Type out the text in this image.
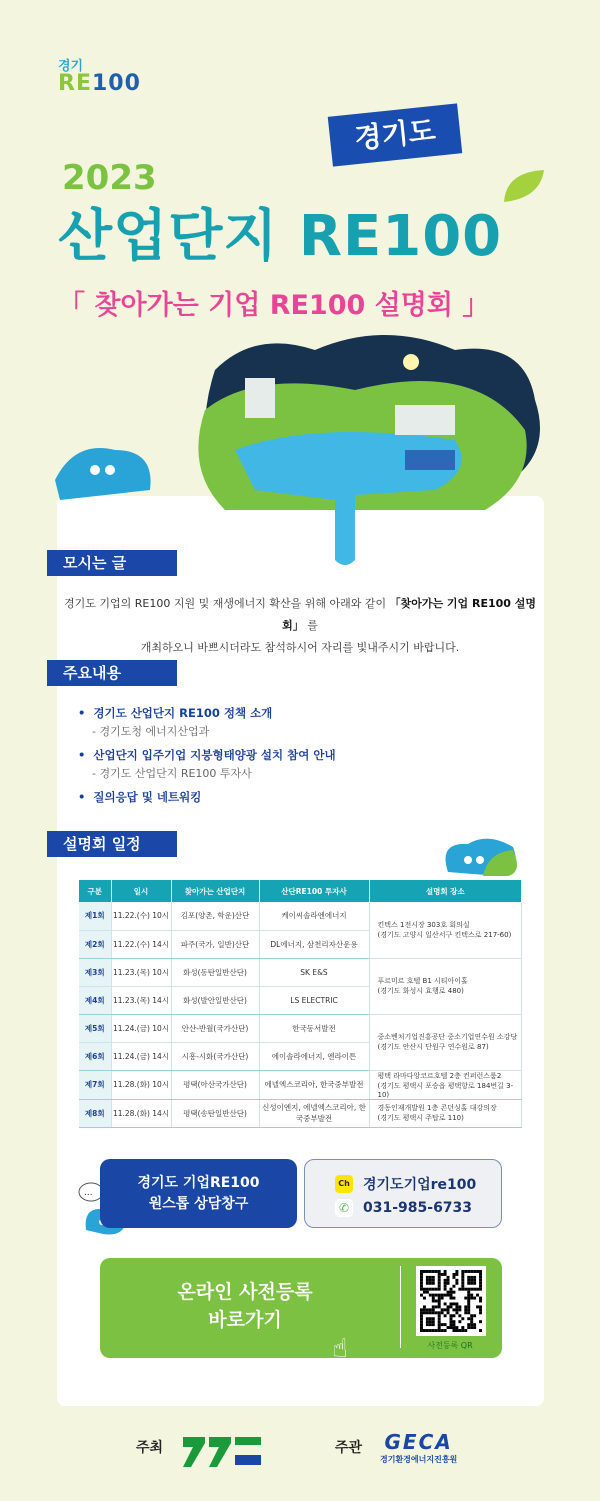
경기
RE100
경기도
2023
산업단지 RE100
「 찾아가는 기업 RE100 설명회 」
모시는 글
경기도 기업의 RE100 지원 및 재생에너지 확산을 위해 아래와 같이 「찾아가는 기업 RE100 설명회」 를
개최하오니 바쁘시더라도 참석하시어 자리를 빛내주시기 바랍니다.
주요내용
• 경기도 산업단지 RE100 정책 소개
- 경기도청 에너지산업과
• 산업단지 입주기업 지붕형태양광 설치 참여 안내
- 경기도 산업단지 RE100 투자사
• 질의응답 및 네트워킹
설명회 일정
구분	일시	찾아가는 산업단지	산단RE100 투자사	설명회 장소
제1회	11.22.(수) 10시	김포(양촌, 학운)산단	케이씨솔라엔에너지	킨텍스 1전시장 303호 회의실
(경기도 고양시 일산서구 킨텍스로 217-60)

제2회	11.22.(수) 14시	파주(국가, 일반)산단	DL에너지, 삼천리자산운용	
제3회	11.23.(목) 10시	화성(동탄일반산단)	SK E&S	푸르미르 호텔 B1 시티아이홀
(경기도 화성시 효행로 480)

제4회	11.23.(목) 14시	화성(발안일반산단)	LS ELECTRIC	
제5회	11.24.(금) 10시	안산-반월(국가산단)	한국동서발전	중소벤처기업진흥공단 중소기업연수원 소강당
(경기도 안산시 단원구 연수원로 87)

제6회	11.24.(금) 14시	시흥-시화(국가산단)	에이솔라에너지, 엔라이튼	
제7회	11.28.(화) 10시	평택(아산국가산단)	에넬엑스코리아, 한국중부발전	평택 라마다앙코르호텔 2층 컨퍼런스룸2
(경기도 평택시 포승읍 평택항로 184번길 3-10)

제8회	11.28.(화) 14시	평택(송탄일반산단)	신성이엔지, 에넬엑스코리아, 한국중부발전	경동인재개발원 1층 콘던싱홀 대강의장
(경기도 평택시 주탑로 110)
...
경기도 기업RE100
원스톱 상담창구
Ch 경기도기업re100
✆ 031-985-6733
온라인 사전등록
바로가기
☝	사전등록 QR
주최	주관 GECA
경기환경에너지진흥원
